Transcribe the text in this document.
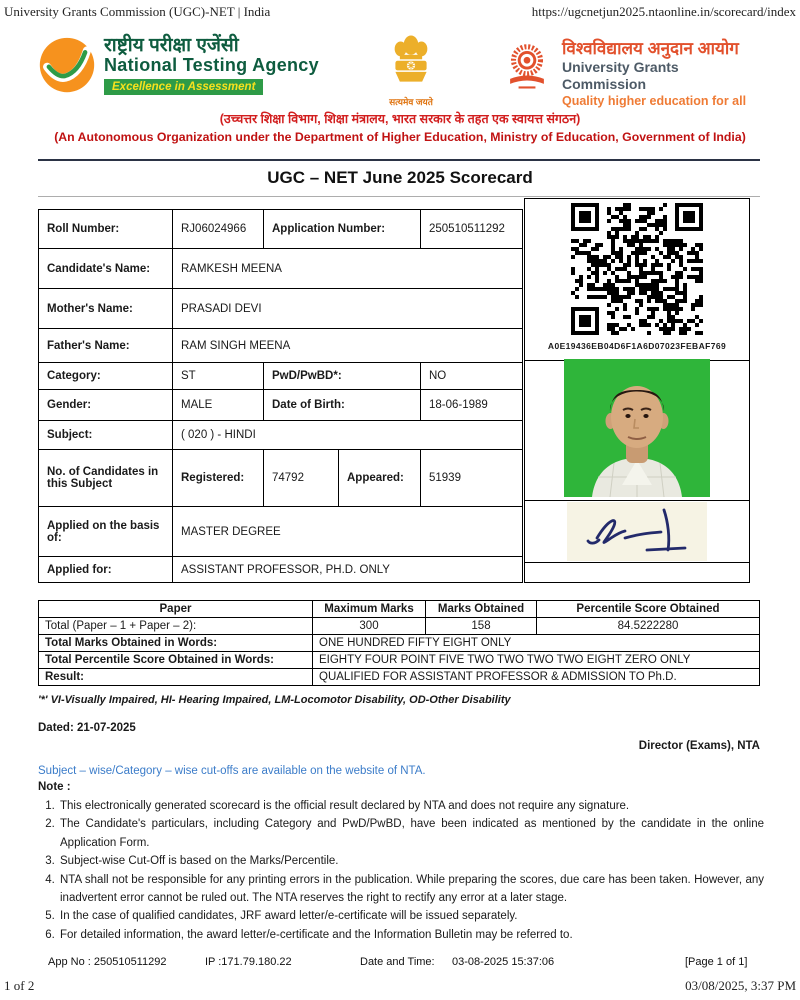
University Grants Commission (UGC)-NET | India	https://ugcnetjun2025.ntaonline.in/scorecard/index
राष्ट्रीय परीक्षा एजेंसी
National Testing Agency
Excellence in Assessment
सत्यमेव जयते
विश्वविद्यालय अनुदान आयोग
University Grants Commission
Quality higher education for all
(उच्चत्तर शिक्षा विभाग, शिक्षा मंत्रालय, भारत सरकार के तहत एक स्वायत्त संगठन)
(An Autonomous Organization under the Department of Higher Education, Ministry of Education, Government of India)
UGC – NET June 2025 Scorecard
Roll Number:	RJ06024966	Application Number:		250510511292
Candidate's Name:	RAMKESH MEENA			
Mother's Name:	PRASADI DEVI			
Father's Name:	RAM SINGH MEENA			
Category:	ST	PwD/PwBD*:		NO
Gender:	MALE	Date of Birth:		18-06-1989
Subject:	( 020 ) - HINDI			
No. of Candidates in this Subject	Registered:	74792	Appeared:	51939
Applied on the basis of:	MASTER DEGREE			
Applied for:	ASSISTANT PROFESSOR, PH.D. ONLY			
A0E19436EB04D6F1A6D07023FEBAF769
Paper	Maximum Marks	Marks Obtained	Percentile Score Obtained
Total (Paper – 1 + Paper – 2):	300	158	84.5222280
Total Marks Obtained in Words:	ONE HUNDRED FIFTY EIGHT ONLY		
Total Percentile Score Obtained in Words:	EIGHTY FOUR POINT FIVE TWO TWO TWO TWO EIGHT ZERO ONLY		
Result:	QUALIFIED FOR ASSISTANT PROFESSOR & ADMISSION TO Ph.D.		
'*' VI-Visually Impaired, HI- Hearing Impaired, LM-Locomotor Disability, OD-Other Disability
Dated: 21-07-2025
Director (Exams), NTA
Subject – wise/Category – wise cut-offs are available on the website of NTA.
Note :
1. This electronically generated scorecard is the official result declared by NTA and does not require any signature.
2. The Candidate's particulars, including Category and PwD/PwBD, have been indicated as mentioned by the candidate in the online Application Form.
3. Subject-wise Cut-Off is based on the Marks/Percentile.
4. NTA shall not be responsible for any printing errors in the publication. While preparing the scores, due care has been taken. However, any inadvertent error cannot be ruled out. The NTA reserves the right to rectify any error at a later stage.
5. In the case of qualified candidates, JRF award letter/e-certificate will be issued separately.
6. For detailed information, the award letter/e-certificate and the Information Bulletin may be referred to.
App No : 250510511292	IP :171.79.180.22	Date and Time: 03-08-2025 15:37:06	[Page 1 of 1]
1 of 2	03/08/2025, 3:37 PM
